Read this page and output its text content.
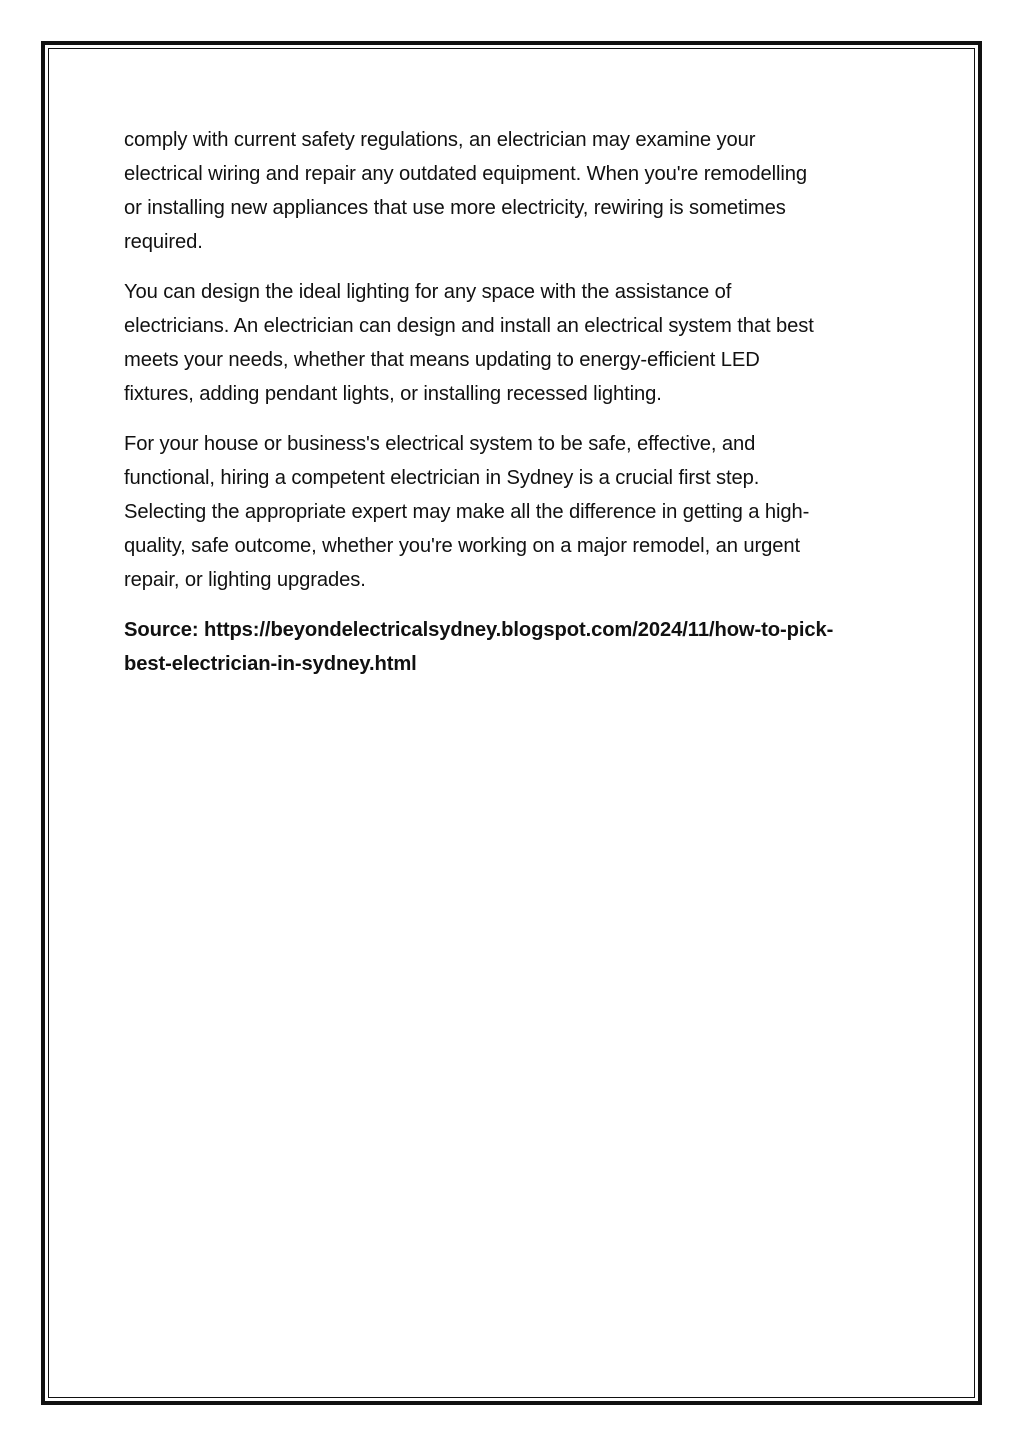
comply with current safety regulations, an electrician may examine your
electrical wiring and repair any outdated equipment. When you're remodelling
or installing new appliances that use more electricity, rewiring is sometimes
required.

You can design the ideal lighting for any space with the assistance of
electricians. An electrician can design and install an electrical system that best
meets your needs, whether that means updating to energy-efficient LED
fixtures, adding pendant lights, or installing recessed lighting.

For your house or business's electrical system to be safe, effective, and
functional, hiring a competent electrician in Sydney is a crucial first step.
Selecting the appropriate expert may make all the difference in getting a high-
quality, safe outcome, whether you're working on a major remodel, an urgent
repair, or lighting upgrades.

Source: https://beyondelectricalsydney.blogspot.com/2024/11/how-to-pick-
best-electrician-in-sydney.html
